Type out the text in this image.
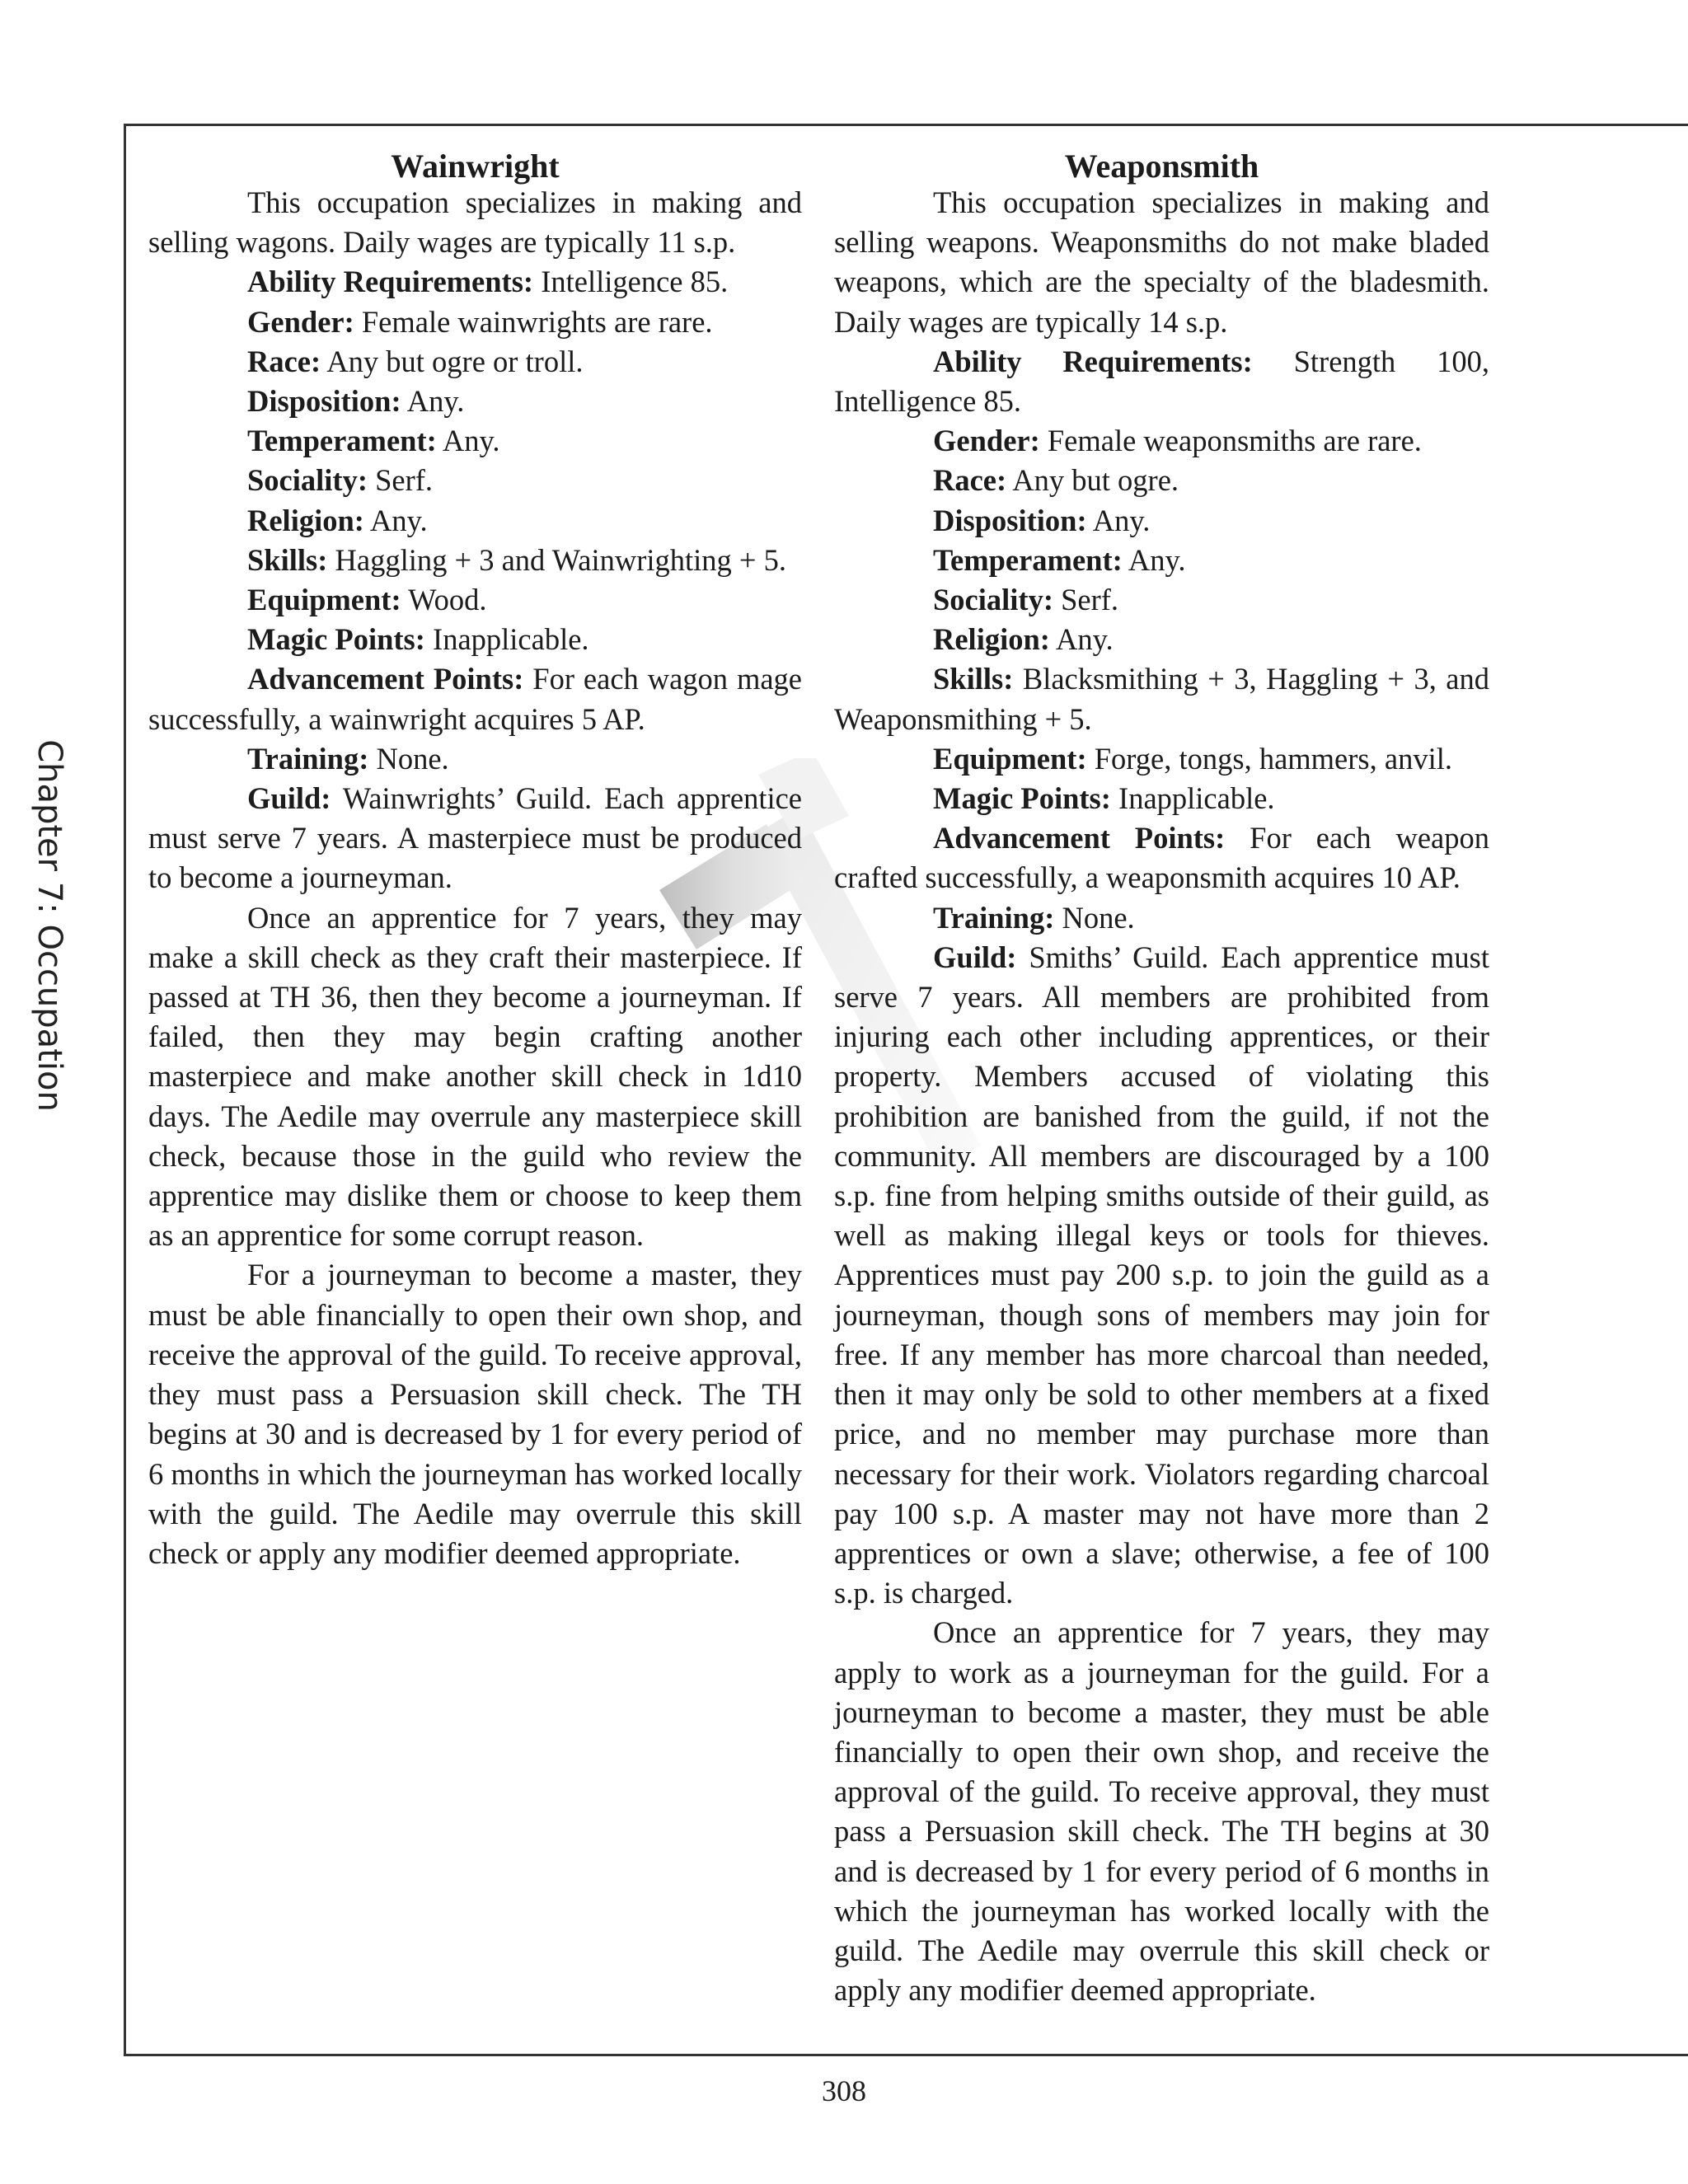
Chapter 7: Occupation
Wainwright

This occupation specializes in making and selling wagons. Daily wages are typically 11 s.p.

Ability Requirements: Intelligence 85.

Gender: Female wainwrights are rare.

Race: Any but ogre or troll.

Disposition: Any.

Temperament: Any.

Sociality: Serf.

Religion: Any.

Skills: Haggling + 3 and Wainwrighting + 5.

Equipment: Wood.

Magic Points: Inapplicable.

Advancement Points: For each wagon mage successfully, a wainwright acquires 5 AP.

Training: None.

Guild: Wainwrights’ Guild. Each apprentice must serve 7 years. A masterpiece must be produced to become a journeyman.

Once an apprentice for 7 years, they may make a skill check as they craft their masterpiece. If passed at TH 36, then they become a journeyman. If failed, then they may begin crafting another masterpiece and make another skill check in 1d10 days. The Aedile may overrule any masterpiece skill check, because those in the guild who review the apprentice may dislike them or choose to keep them as an apprentice for some corrupt reason.

For a journeyman to become a master, they must be able financially to open their own shop, and receive the approval of the guild. To receive approval, they must pass a Persuasion skill check. The TH begins at 30 and is decreased by 1 for every period of 6 months in which the journeyman has worked locally with the guild. The Aedile may overrule this skill check or apply any modifier deemed appropriate.

Weaponsmith

This occupation specializes in making and selling weapons. Weaponsmiths do not make bladed weapons, which are the specialty of the bladesmith. Daily wages are typically 14 s.p.

Ability Requirements: Strength 100, Intelligence 85.

Gender: Female weaponsmiths are rare.

Race: Any but ogre.

Disposition: Any.

Temperament: Any.

Sociality: Serf.

Religion: Any.

Skills: Blacksmithing + 3, Haggling + 3, and Weaponsmithing + 5.

Equipment: Forge, tongs, hammers, anvil.

Magic Points: Inapplicable.

Advancement Points: For each weapon crafted successfully, a weaponsmith acquires 10 AP.

Training: None.

Guild: Smiths’ Guild. Each apprentice must serve 7 years. All members are prohibited from injuring each other including apprentices, or their property. Members accused of violating this prohibition are banished from the guild, if not the community. All members are discouraged by a 100 s.p. fine from helping smiths outside of their guild, as well as making illegal keys or tools for thieves. Apprentices must pay 200 s.p. to join the guild as a journeyman, though sons of members may join for free. If any member has more charcoal than needed, then it may only be sold to other members at a fixed price, and no member may purchase more than necessary for their work. Violators regarding charcoal pay 100 s.p. A master may not have more than 2 apprentices or own a slave; otherwise, a fee of 100 s.p. is charged.

Once an apprentice for 7 years, they may apply to work as a journeyman for the guild. For a journeyman to become a master, they must be able financially to open their own shop, and receive the approval of the guild. To receive approval, they must pass a Persuasion skill check. The TH begins at 30 and is decreased by 1 for every period of 6 months in which the journeyman has worked locally with the guild. The Aedile may overrule this skill check or apply any modifier deemed appropriate.

308
